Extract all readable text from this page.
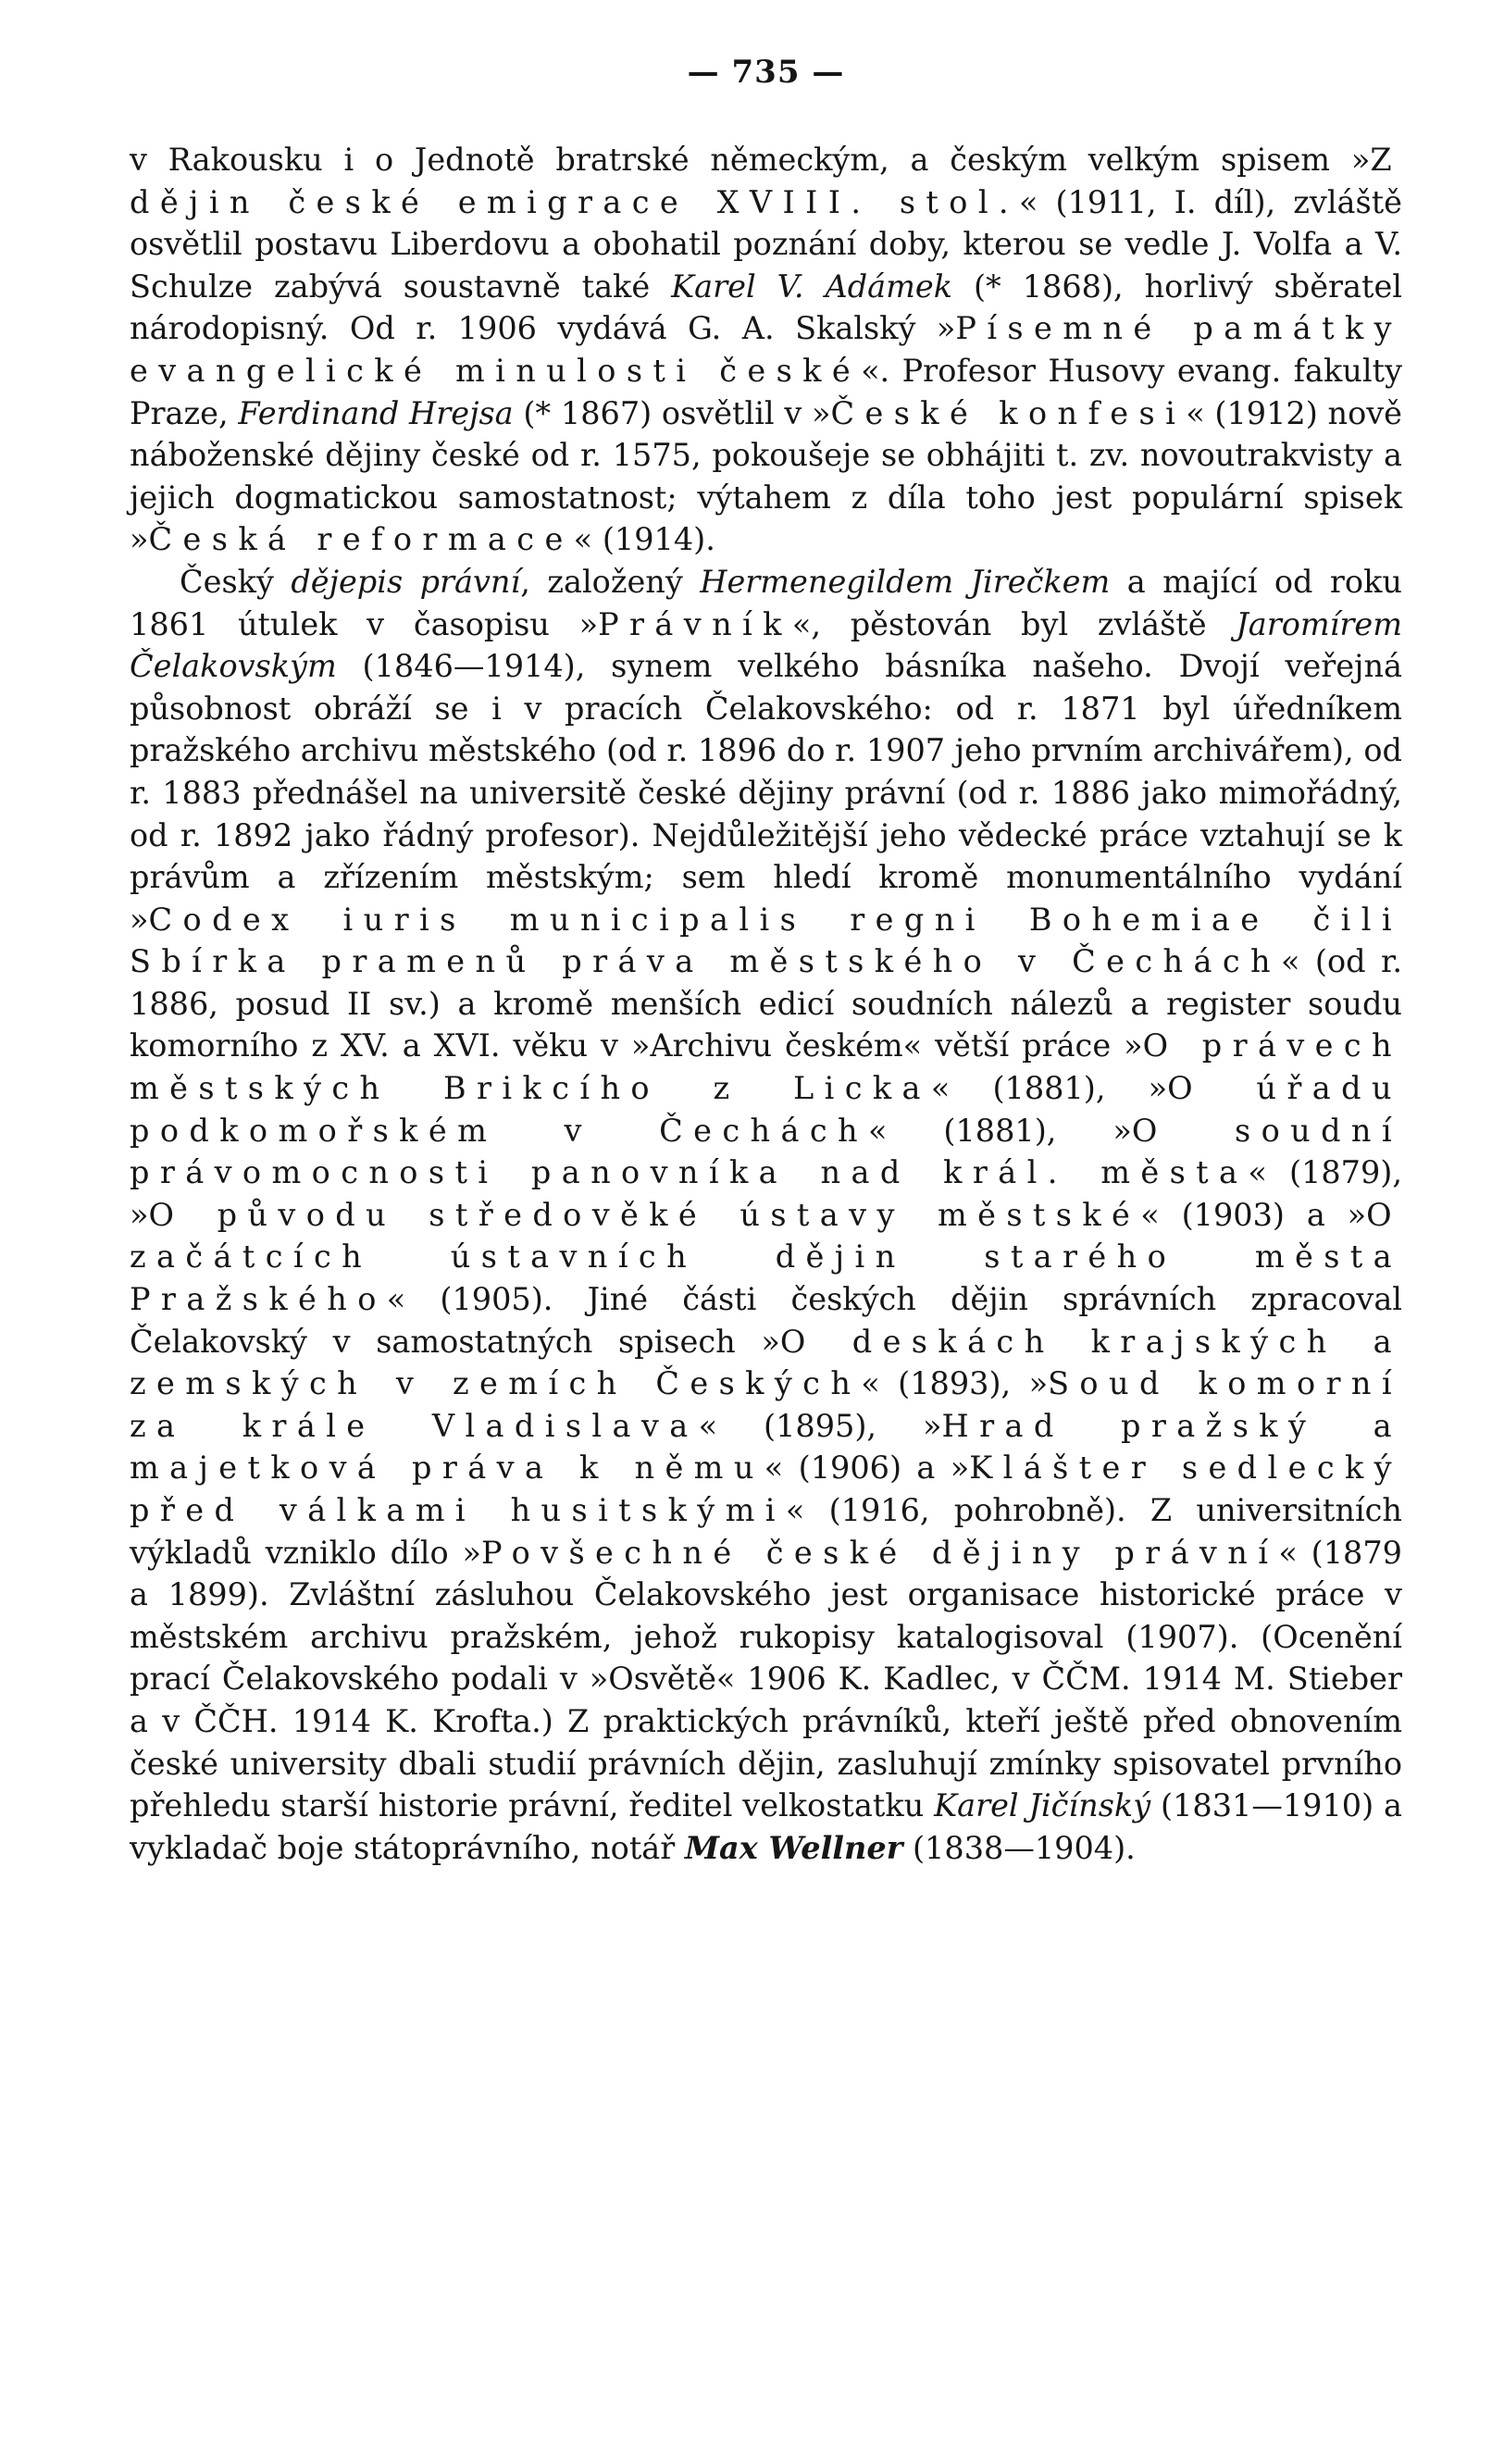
— 735 —

v Rakousku i o Jednotě bratrské německým, a českým velkým spisem »Z dějin české emigrace XVIII. stol.« (1911, I. díl), zvláště osvětlil postavu Liberdovu a obohatil poznání doby, kterou se vedle J. Volfa a V. Schulze zabývá soustavně také Karel V. Adámek (* 1868), horlivý sběratel národopisný. Od r. 1906 vydává G. A. Skalský »Písemné památky evangelické minulosti české«. Profesor Husovy evang. fakulty Praze, Ferdinand Hrejsa (* 1867) osvětlil v »České konfesi« (1912) nově náboženské dějiny české od r. 1575, pokoušeje se obhájiti t. zv. novoutrakvisty a jejich dogmatickou samostatnost; výtahem z díla toho jest populární spisek »Česká reformace« (1914).

Český dějepis právní, založený Hermenegildem Jirečkem a mající od roku 1861 útulek v časopisu »Právník«, pěstován byl zvláště Jaromírem Čelakovským (1846—1914), synem velkého básníka našeho. Dvojí veřejná působnost obráží se i v pracích Čelakovského: od r. 1871 byl úředníkem pražského archivu městského (od r. 1896 do r. 1907 jeho prvním archivářem), od r. 1883 přednášel na universitě české dějiny právní (od r. 1886 jako mimořádný, od r. 1892 jako řádný profesor). Nejdůležitější jeho vědecké práce vztahují se k právům a zřízením městským; sem hledí kromě monumentálního vydání »Codex iuris municipalis regni Bohemiae čili Sbírka pramenů práva městského v Čechách« (od r. 1886, posud II sv.) a kromě menších edicí soudních nálezů a register soudu komorního z XV. a XVI. věku v »Archivu českém« větší práce »O právech městských Brikcího z Licka« (1881), »O úřadu podkomořském v Čechách« (1881), »O soudní právomocnosti panovníka nad král. města« (1879), »O původu středověké ústavy městské« (1903) a »O začátcích ústavních dějin starého města Pražského« (1905). Jiné části českých dějin správních zpracoval Čelakovský v samostatných spisech »O deskách krajských a zemských v zemích Českých« (1893), »Soud komorní za krále Vladislava« (1895), »Hrad pražský a majetková práva k němu« (1906) a »Klášter sedlecký před válkami husitskými« (1916, pohrobně). Z universitních výkladů vzniklo dílo »Povšechné české dějiny právní« (1879 a 1899). Zvláštní zásluhou Čelakovského jest organisace historické práce v městském archivu pražském, jehož rukopisy katalogisoval (1907). (Ocenění prací Čelakovského podali v »Osvětě« 1906 K. Kadlec, v ČČM. 1914 M. Stieber a v ČČH. 1914 K. Krofta.) Z praktických právníků, kteří ještě před obnovením české university dbali studií právních dějin, zasluhují zmínky spisovatel prvního přehledu starší historie právní, ředitel velkostatku Karel Jičínský (1831—1910) a vykladač boje státoprávního, notář Max Wellner (1838—1904).
